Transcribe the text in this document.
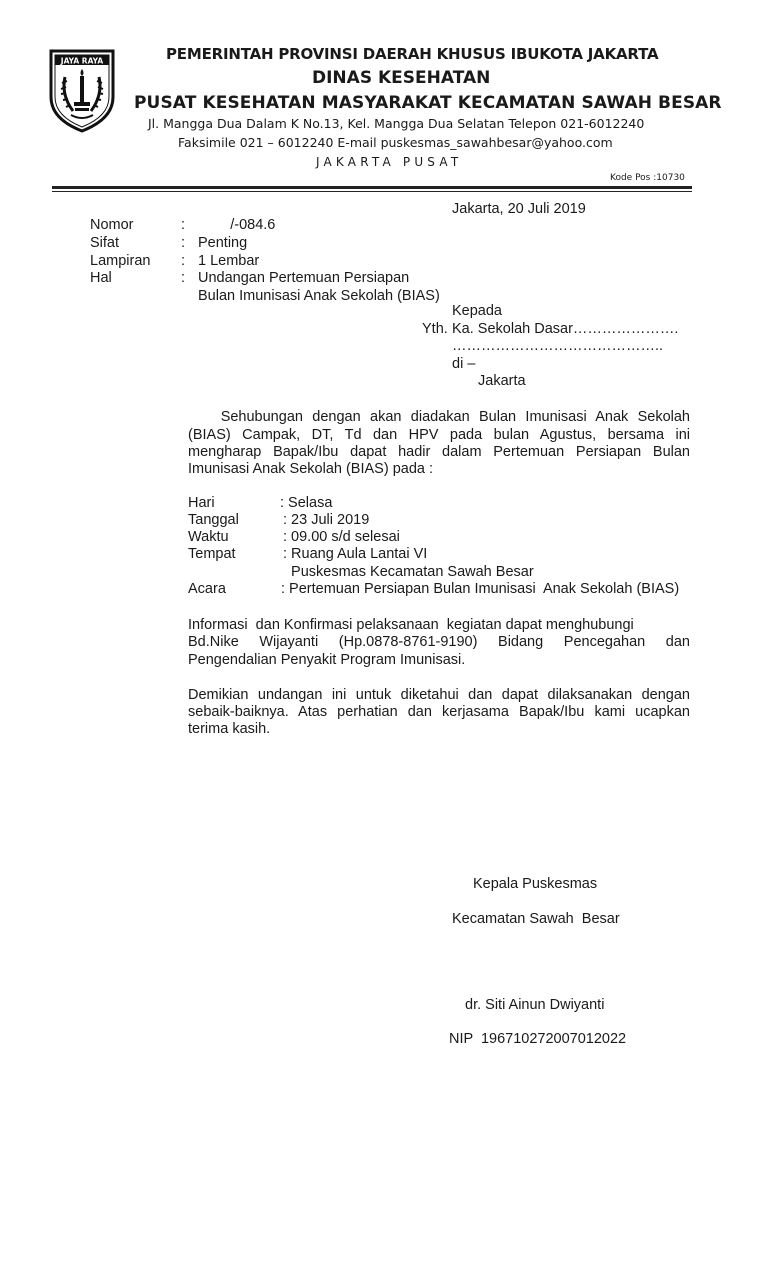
JAYA RAYA	PEMERINTAH PROVINSI DAERAH KHUSUS IBUKOTA JAKARTA
DINAS KESEHATAN
PUSAT KESEHATAN MASYARAKAT KECAMATAN SAWAH BESAR
Jl. Mangga Dua Dalam K No.13, Kel. Mangga Dua Selatan Telepon 021-6012240
Faksimile 021 – 6012240 E-mail puskesmas_sawahbesar@yahoo.com
JAKARTA PUSAT
Kode Pos :10730
Jakarta, 20 Juli 2019
Nomor	: /-084.6
Sifat	: Penting
Lampiran : 1 Lembar
Hal	: Undangan Pertemuan Persiapan
Bulan Imunisasi Anak Sekolah (BIAS)
Kepada
Yth. Ka. Sekolah Dasar………………….
……………………………………..
di –
Jakarta
Sehubungan  dengan  akan  diadakan  Bulan  Imunisasi  Anak  Sekolah
(BIAS) Campak, DT, Td dan HPV pada bulan Agustus, bersama ini
mengharap Bapak/Ibu dapat hadir dalam Pertemuan Persiapan Bulan
Imunisasi Anak Sekolah (BIAS) pada :
Hari	: Selasa
Tanggal	: 23 Juli 2019
Waktu	: 09.00 s/d selesai
Tempat	: Ruang Aula Lantai VI
Puskesmas Kecamatan Sawah Besar
Acara	: Pertemuan Persiapan Bulan Imunisasi  Anak Sekolah (BIAS)
Informasi  dan Konfirmasi pelaksanaan  kegiatan dapat menghubungi
Bd.Nike Wijayanti (Hp.0878-8761-9190) Bidang Pencegahan dan
Pengendalian Penyakit Program Imunisasi.
Demikian undangan ini untuk diketahui dan dapat dilaksanakan dengan
sebaik-baiknya. Atas perhatian dan kerjasama Bapak/Ibu kami ucapkan
terima kasih.
Kepala Puskesmas
Kecamatan Sawah  Besar
dr. Siti Ainun Dwiyanti
NIP  196710272007012022
